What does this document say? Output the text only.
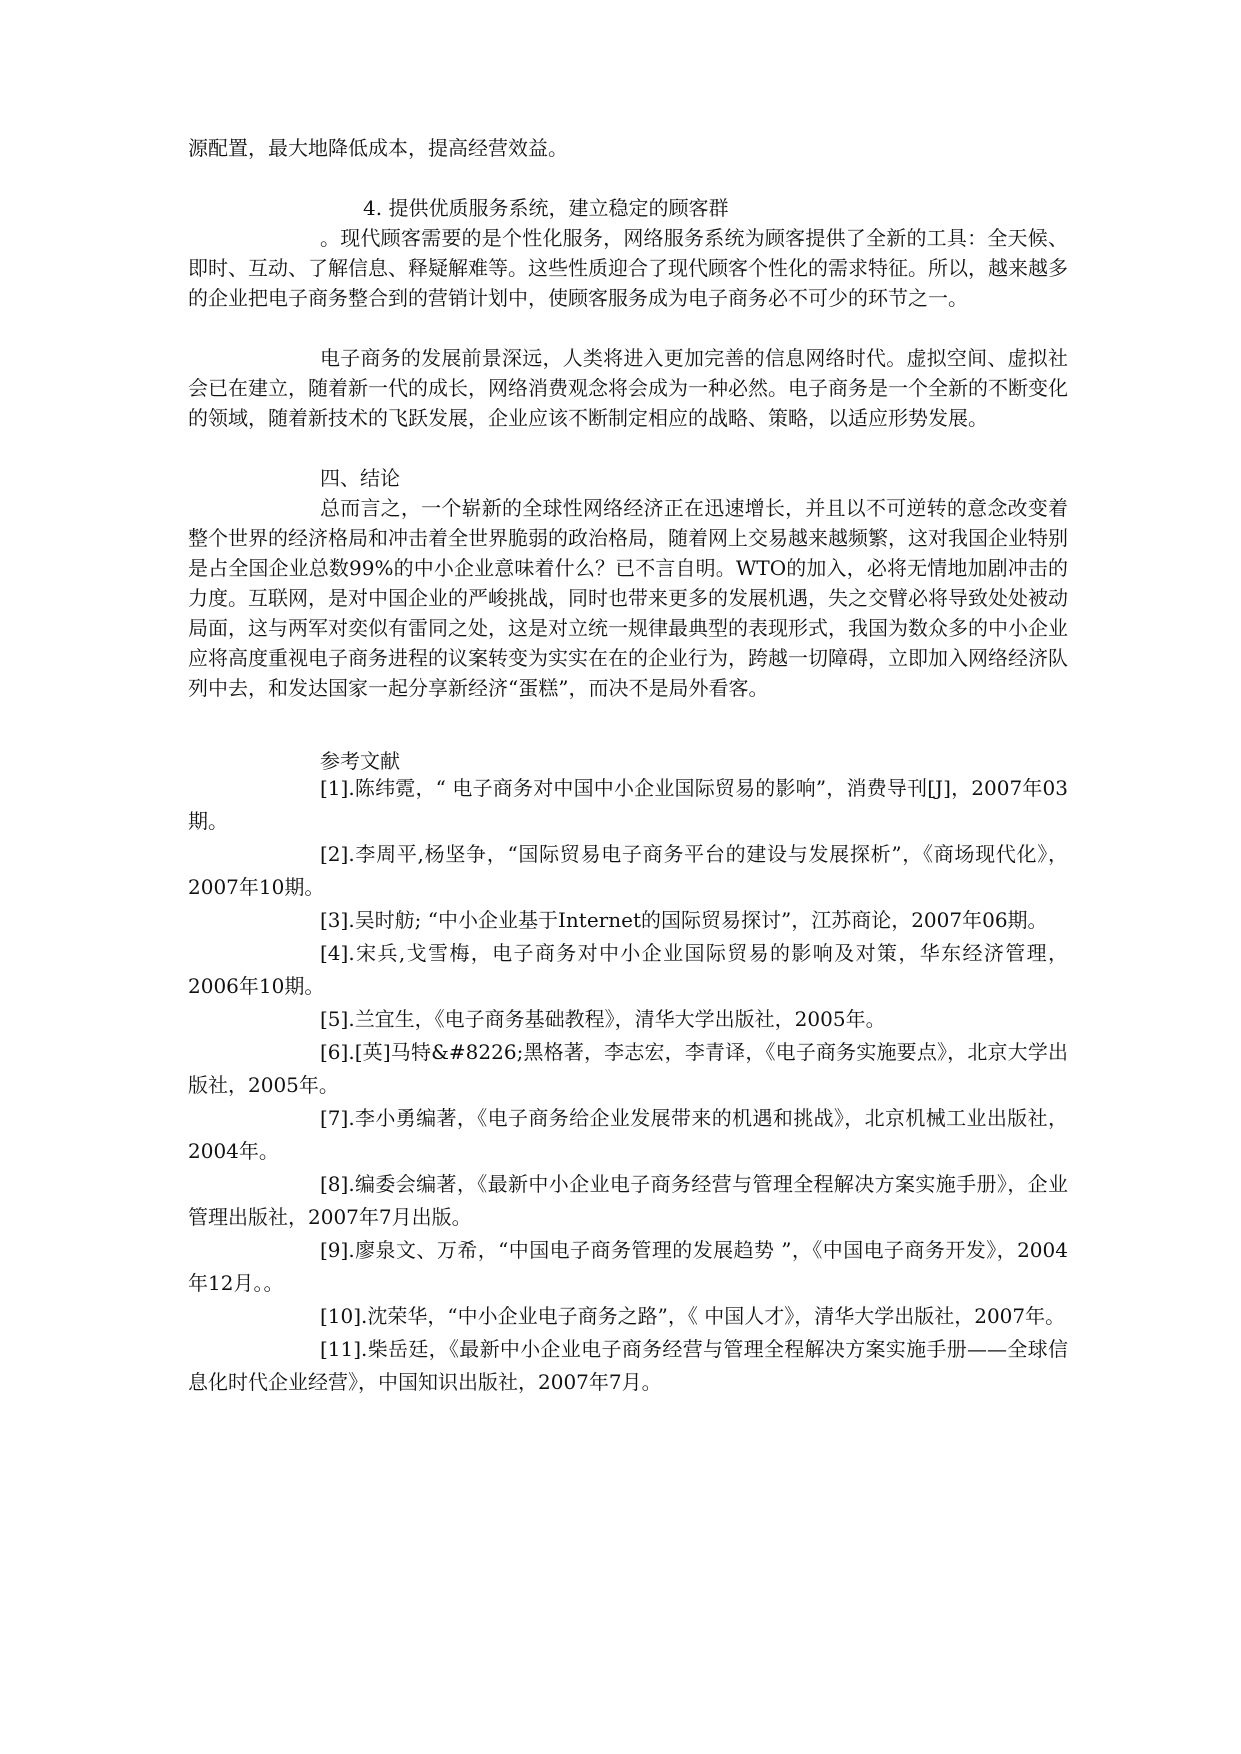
源配置，最大地降低成本，提高经营效益。

4. 提供优质服务系统，建立稳定的顾客群

。现代顾客需要的是个性化服务，网络服务系统为顾客提供了全新的工具：全天候、即时、互动、了解信息、释疑解难等。这些性质迎合了现代顾客个性化的需求特征。所以，越来越多的企业把电子商务整合到的营销计划中，使顾客服务成为电子商务必不可少的环节之一。

电子商务的发展前景深远，人类将进入更加完善的信息网络时代。虚拟空间、虚拟社会已在建立，随着新一代的成长，网络消费观念将会成为一种必然。电子商务是一个全新的不断变化的领域，随着新技术的飞跃发展，企业应该不断制定相应的战略、策略，以适应形势发展。

四、结论

总而言之，一个崭新的全球性网络经济正在迅速增长，并且以不可逆转的意念改变着整个世界的经济格局和冲击着全世界脆弱的政治格局，随着网上交易越来越频繁，这对我国企业特别是占全国企业总数99%的中小企业意味着什么？已不言自明。WTO的加入，必将无情地加剧冲击的力度。互联网，是对中国企业的严峻挑战，同时也带来更多的发展机遇，失之交臂必将导致处处被动局面，这与两军对奕似有雷同之处，这是对立统一规律最典型的表现形式，我国为数众多的中小企业应将高度重视电子商务进程的议案转变为实实在在的企业行为，跨越一切障碍，立即加入网络经济队列中去，和发达国家一起分享新经济“蛋糕”，而决不是局外看客。

参考文献

[1].陈纬霓，“ 电子商务对中国中小企业国际贸易的影响”，消费导刊[J]，2007年03期。
[2].李周平,杨坚争，“国际贸易电子商务平台的建设与发展探析”，《商场现代化》，2007年10期。
[3].吴时舫; “中小企业基于Internet的国际贸易探讨”，江苏商论，2007年06期。
[4].宋兵,戈雪梅，电子商务对中小企业国际贸易的影响及对策，华东经济管理，2006年10期。
[5].兰宜生，《电子商务基础教程》，清华大学出版社，2005年。
[6].[英]马特&#8226;黑格著，李志宏，李青译，《电子商务实施要点》，北京大学出版社，2005年。
[7].李小勇编著，《电子商务给企业发展带来的机遇和挑战》，北京机械工业出版社，2004年。
[8].编委会编著，《最新中小企业电子商务经营与管理全程解决方案实施手册》，企业管理出版社，2007年7月出版。
[9].廖泉文、万希，“中国电子商务管理的发展趋势 ”，《中国电子商务开发》，2004年12月。。
[10].沈荣华，“中小企业电子商务之路”，《 中国人才》，清华大学出版社，2007年。
[11].柴岳廷，《最新中小企业电子商务经营与管理全程解决方案实施手册——全球信息化时代企业经营》，中国知识出版社，2007年7月。
